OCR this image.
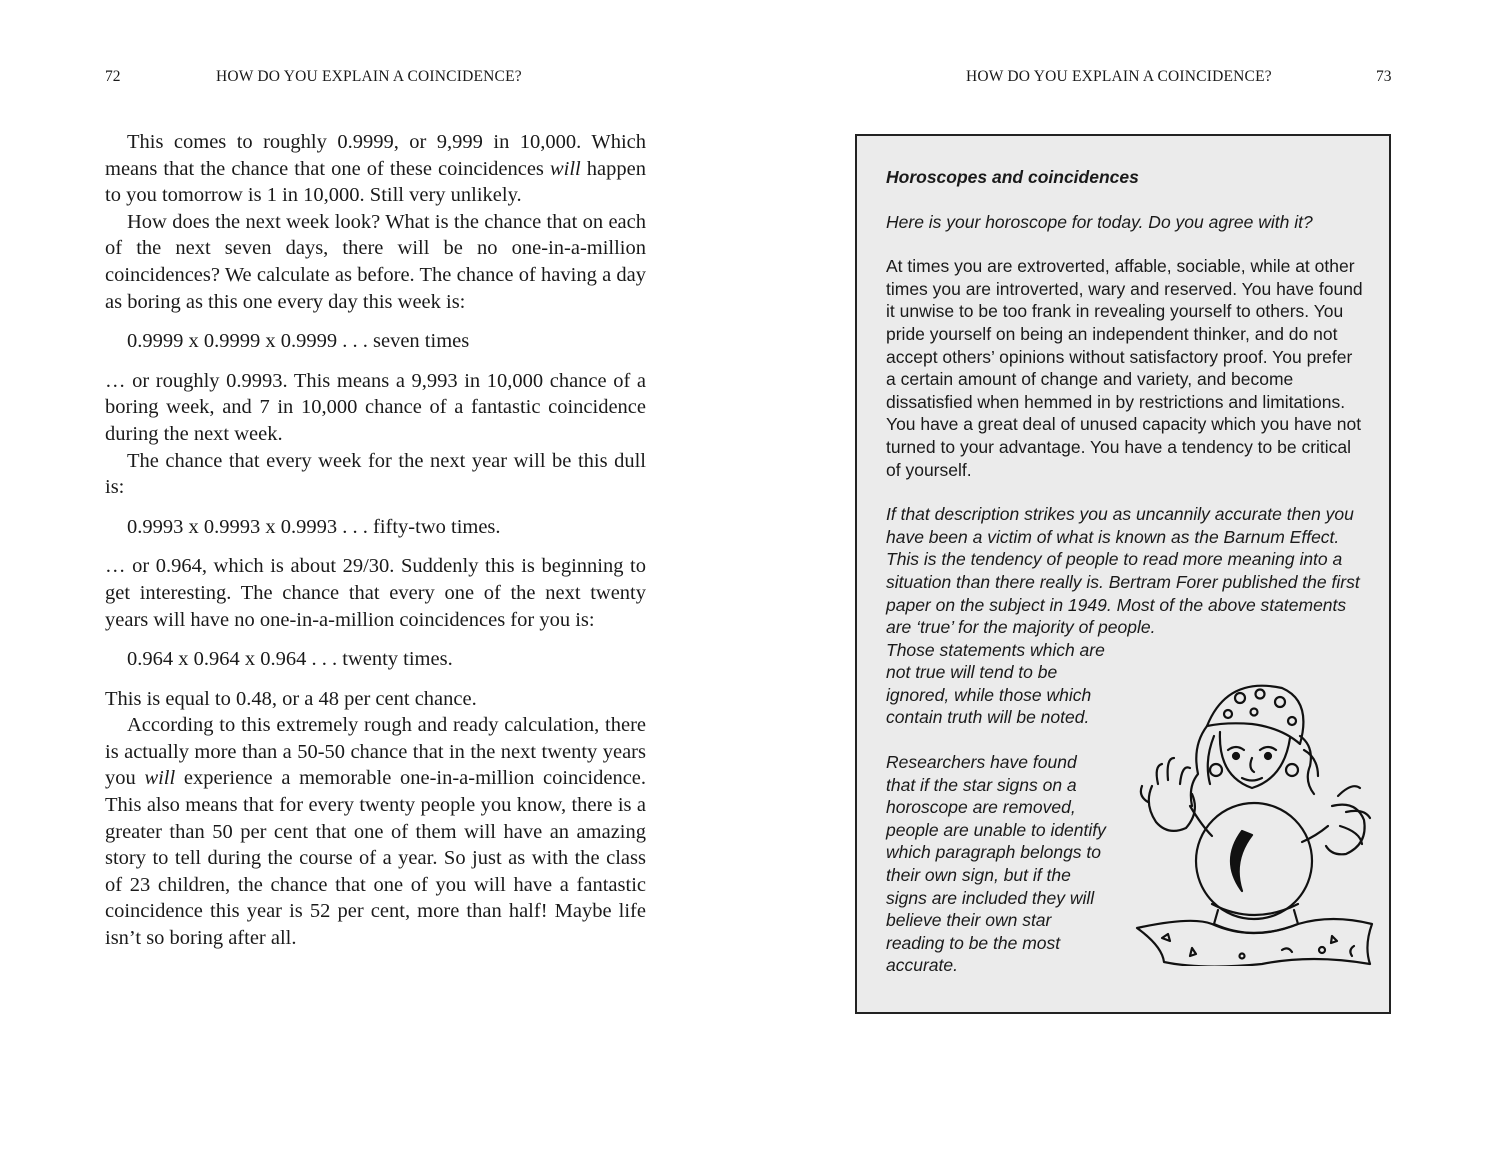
72	HOW DO YOU EXPLAIN A COINCIDENCE?

This comes to roughly 0.9999, or 9,999 in 10,000. Which means that the chance that one of these coincidences will happen to you tomorrow is 1 in 10,000. Still very unlikely.

How does the next week look? What is the chance that on each of the next seven days, there will be no one-in-a-million coincidences? We calculate as before. The chance of having a day as boring as this one every day this week is:

0.9999 x 0.9999 x 0.9999 . . . seven times

… or roughly 0.9993. This means a 9,993 in 10,000 chance of a boring week, and 7 in 10,000 chance of a fantastic coincidence during the next week.

The chance that every week for the next year will be this dull is:

0.9993 x 0.9993 x 0.9993 . . . fifty-two times.

… or 0.964, which is about 29/30. Suddenly this is beginning to get interesting. The chance that every one of the next twenty years will have no one-in-a-million coincidences for you is:

0.964 x 0.964 x 0.964 . . . twenty times.

This is equal to 0.48, or a 48 per cent chance.

According to this extremely rough and ready calculation, there is actually more than a 50-50 chance that in the next twenty years you will experience a memorable one-in-a-million coincidence. This also means that for every twenty people you know, there is a greater than 50 per cent that one of them will have an amazing story to tell during the course of a year. So just as with the class of 23 children, the chance that one of you will have a fantastic coincidence this year is 52 per cent, more than half! Maybe life isn’t so boring after all.

HOW DO YOU EXPLAIN A COINCIDENCE?	73
Horoscopes and coincidences

Here is your horoscope for today. Do you agree with it?

At times you are extroverted, affable, sociable, while at other times you are introverted, wary and reserved. You have found it unwise to be too frank in revealing yourself to others. You pride yourself on being an independent thinker, and do not accept others’ opinions without satisfactory proof. You prefer a certain amount of change and variety, and become dissatisfied when hemmed in by restrictions and limitations. You have a great deal of unused capacity which you have not turned to your advantage. You have a tendency to be critical of yourself.

If that description strikes you as uncannily accurate then you have been a victim of what is known as the Barnum Effect. This is the tendency of people to read more meaning into a situation than there really is. Bertram Forer published the first paper on the subject in 1949. Most of the above statements are ‘true’ for the majority of people.

Those statements which are not true will tend to be ignored, while those which contain truth will be noted.

Researchers have found that if the star signs on a horoscope are removed, people are unable to identify which paragraph belongs to their own sign, but if the signs are included they will believe their own star reading to be the most accurate.
